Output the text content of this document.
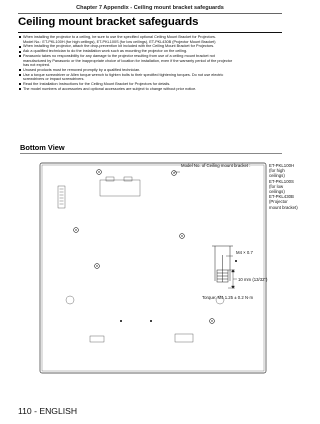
Chapter 7 Appendix - Ceiling mount bracket safeguards
Ceiling mount bracket safeguards
When installing the projector to a ceiling, be sure to use the specified optional Ceiling Mount Bracket for Projectors.
Model No.: ET-PKL100H (for high ceilings), ET-PKL100S (for low ceilings), ET-PKL430B (Projector Mount Bracket)
When installing the projector, attach the drop-prevention kit included with the Ceiling Mount Bracket for Projectors.
Ask a qualified technician to do the installation work such as mounting the projector on the ceiling.
Panasonic takes no responsibility for any damage to the projector resulting from use of a ceiling mount bracket not
manufactured by Panasonic or the inappropriate choice of location for installation, even if the warranty period of the projector
has not expired.
Unused products must be removed promptly by a qualified technician.
Use a torque screwdriver or Allen torque wrench to tighten bolts to their specified tightening torques. Do not use electric
screwdrivers or impact screwdrivers.
Read the Installation Instructions for the Ceiling Mount Bracket for Projectors for details.
The model numbers of accessories and optional accessories are subject to change without prior notice.
Bottom View
Model No. of Ceiling mount bracket :	ET-PKL100H (for high ceilings)
ET-PKL100S (for low ceilings)
ET-PKL430B (Projector mount bracket)
M4 × 0.7
10 mm (13/32")
Torque: M4 1.25 ± 0.2 N·m
110 - ENGLISH
